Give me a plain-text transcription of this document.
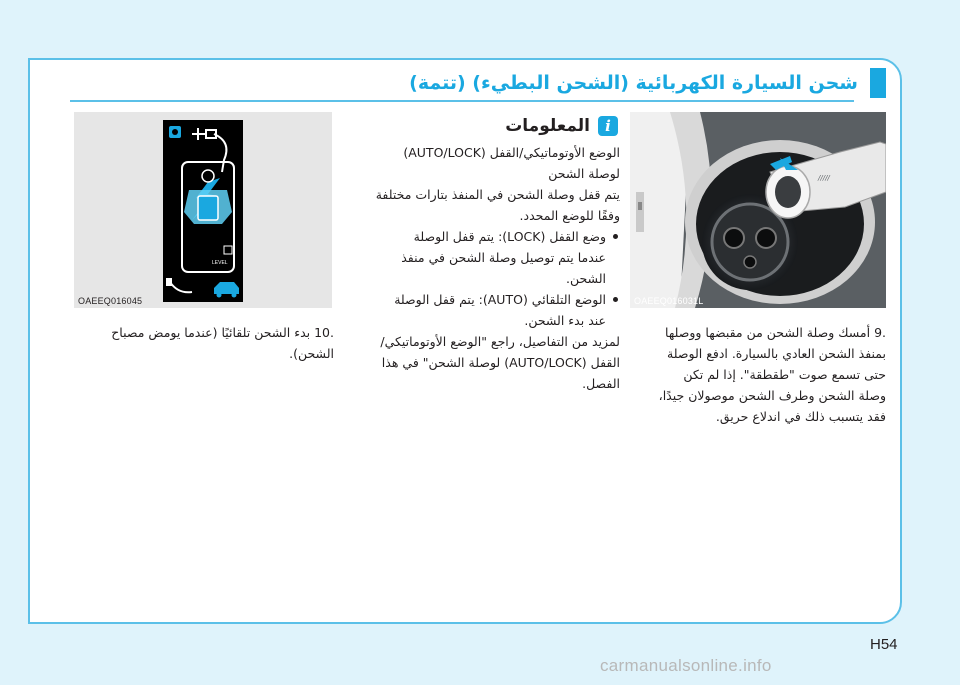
شحن السيارة الكهربائية (الشحن البطيء) (تتمة)
/////
OAEEQ016031L
.9 أمسك وصلة الشحن من مقبضها ووصلها
بمنفذ الشحن العادي بالسيارة. ادفع الوصلة
حتى تسمع صوت "طقطقة". إذا لم تكن
وصلة الشحن وطرف الشحن موصولان جيدًا،
فقد يتسبب ذلك في اندلاع حريق.
المعلومات	i
الوضع الأوتوماتيكي/القفل (AUTO/LOCK)
لوصلة الشحن
يتم قفل وصلة الشحن في المنفذ بتارات مختلفة
وفقًا للوضع المحدد.
وضع القفل (LOCK): يتم قفل الوصلة
عندما يتم توصيل وصلة الشحن في منفذ
الشحن.
الوضع التلقائي (AUTO): يتم قفل الوصلة
عند بدء الشحن.
لمزيد من التفاصيل، راجع "الوضع الأوتوماتيكي/
القفل (AUTO/LOCK) لوصلة الشحن" في هذا
الفصل.
LEVEL
OAEEQ016045
.10 بدء الشحن تلقائيًا (عندما يومض مصباح
الشحن).
H54
carmanualsonline.info
